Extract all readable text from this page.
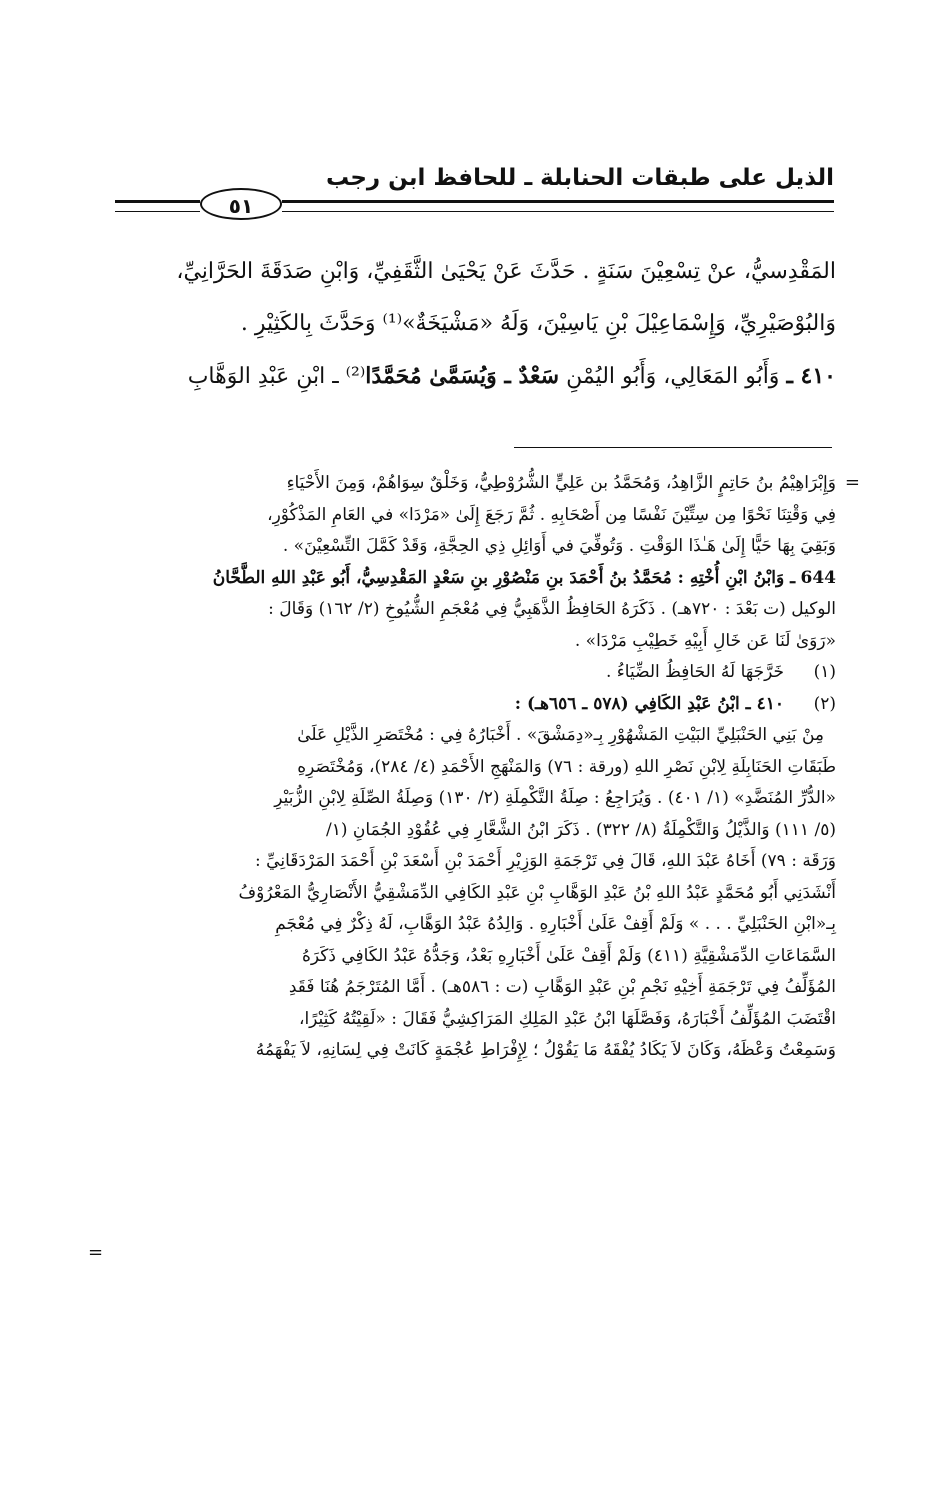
الذيل على طبقات الحنابلة ـ للحافظ ابن رجب
٥١

المَقْدِسيُّ، عنْ تِسْعِيْنَ سَنَةٍ . حَدَّثَ عَنْ يَحْيَىٰ الثَّقَفِيِّ، وَابْنِ صَدَقَةَ الحَرَّانِيِّ،

وَالبُوْصَيْرِيِّ، وَإِسْمَاعِيْلَ بْنِ يَاسِيْنَ، وَلَهُ «مَشْيَخَةٌ»⁽¹⁾ وَحَدَّثَ بِالكَثِيْرِ .

٤١٠ ـ وَأَبُو المَعَالِي، وَأَبُو اليُمْنِ سَعْدٌ ـ وَيُسَمَّىٰ مُحَمَّدًا⁽²⁾ ـ ابْنِ عَبْدِ الوَهَّابِ

=

وَإِبْرَاهِيْمُ بنُ حَاتِمٍ الزَّاهِدُ، وَمُحَمَّدُ بن عَلِيٍّ الشُّرُوْطِيُّ، وَخَلْقٌ سِوَاهُمْ، وَمِنَ الأَحْيَاءِ

فِي وَقْتِنَا نَحْوًا مِن سِتِّيْنَ نَفْسًا مِن أَصْحَابِهِ . ثُمَّ رَجَعَ إِلَىٰ «مَرْدَا» في العَامِ المَذْكُوْرِ،

وَبَقِيَ بِهَا حَيًّا إِلَىٰ هَـٰذَا الوَقْتِ . وَتُوفِّيَ في أَوَائِلِ ذِي الحِجَّةِ، وَقَدْ كَمَّلَ التِّسْعِيْنَ» .

644 ـ وَابْنُ ابْنِ أُخْتِهِ : مُحَمَّدُ بنُ أَحْمَدَ بنِ مَنْصُوْرِ بنِ سَعْدٍ المَقْدِسِيُّ، أَبُو عَبْدِ اللهِ الطَّحَّانُ

الوكيل (ت بَعْدَ : ٧٢٠هـ) . ذَكَرَهُ الحَافِظُ الذَّهَبِيُّ فِي مُعْجَمِ الشُّيُوخِ (٢/ ١٦٢) وَقَالَ :

«رَوَىٰ لَنَا عَن خَالِ أَبِيْهِ خَطِيْبِ مَرْدَا» .

(١)
خَرَّجَهَا لَهُ الحَافِظُ الضِّيَاءُ .
(٢)
٤١٠ ـ ابْنُ عَبْدِ الكَافِي (٥٧٨ ـ ٦٥٦هـ) :

مِنْ بَنِي الحَنْبَلِيِّ البَيْتِ المَشْهُوْرِ بِـ«دِمَشْقَ» . أَخْبَارُهُ فِي : مُخْتَصَرِ الذَّيْلِ عَلَىٰ

طَبَقَاتِ الحَنَابِلَةِ لِابْنِ نَصْرِ اللهِ (ورقة : ٧٦) وَالمَنْهَجِ الأَحْمَدِ (٤/ ٢٨٤)، وَمُخْتَصَرِهِ

«الدُّرِّ المُنَضَّدِ» (١/ ٤٠١) . وَيُرَاجِعُ : صِلَةُ التَّكْمِلَةِ (٢/ ١٣٠) وَصِلَةُ الصِّلَةِ لِابْنِ الزُّبَيْرِ

(٥/ ١١١) وَالذَّيْلُ وَالتَّكْمِلَةُ (٨/ ٣٢٢) . ذَكَرَ ابْنُ الشَّعَّارِ فِي عُقُوْدِ الجُمَانِ (١/

وَرَقَة : ٧٩) أَخَاهُ عَبْدَ اللهِ، قَالَ فِي تَرْجَمَةِ الوَزِيْرِ أَحْمَدَ بْنِ أَسْعَدَ بْنِ أَحْمَدَ المَرْدَقَانِيِّ :

أَنْشَدَنِي أَبُو مُحَمَّدٍ عَبْدُ اللهِ بْنُ عَبْدِ الوَهَّابِ بْنِ عَبْدِ الكَافِي الدِّمَشْقِيُّ الأَنْصَارِيُّ المَعْرُوْفُ

بِـ«ابْنِ الحَنْبَلِيِّ . . . » وَلَمْ أَقِفْ عَلَىٰ أَخْبَارِهِ . وَالِدُهُ عَبْدُ الوَهَّابِ، لَهُ ذِكْرٌ فِي مُعْجَمِ

السَّمَاعَاتِ الدِّمَشْقِيَّةِ (٤١١) وَلَمْ أَقِفْ عَلَىٰ أَخْبَارِهِ بَعْدُ، وَجَدُّهُ عَبْدُ الكَافِي ذَكَرَهُ

المُؤَلِّفُ فِي تَرْجَمَةِ أَخِيْهِ نَجْمِ بْنِ عَبْدِ الوَهَّابِ (ت : ٥٨٦هـ) . أَمَّا المُتَرْجَمُ هُنَا فَقَدِ

اقْتَضَبَ المُؤَلِّفُ أَخْبَارَهُ، وَفَصَّلَهَا ابْنُ عَبْدِ المَلِكِ المَرَاكِشِيُّ فَقَالَ : «لَقِيْتُهُ كَثِيْرًا،

وَسَمِعْتُ وَعْظَهُ، وَكَانَ لاَ يَكَادُ يُفْقَهُ مَا يَقُوْلُ ؛ لِإِفْرَاطِ عُجْمَةٍ كَانَتْ فِي لِسَانِهِ، لاَ يَفْهَمُهُ

=
